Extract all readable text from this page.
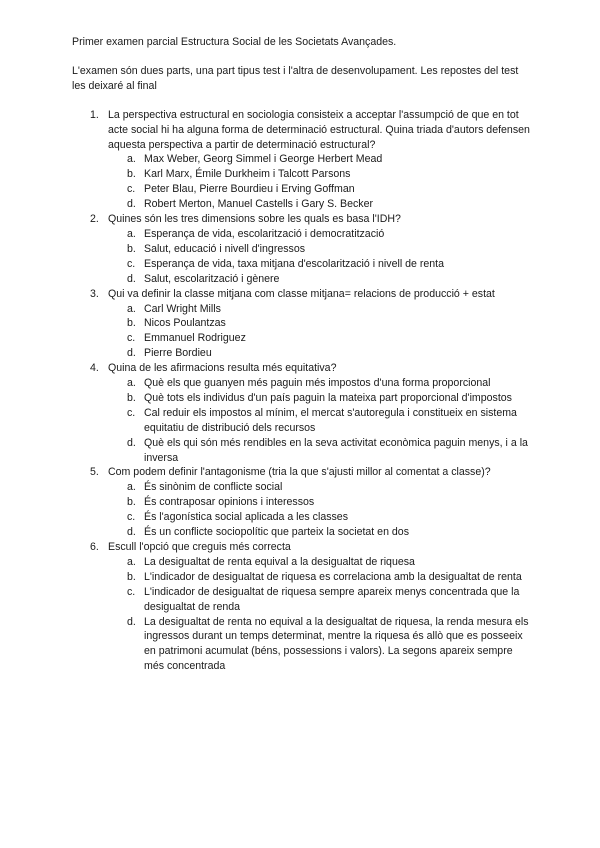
Primer examen parcial Estructura Social de les Societats Avançades.

L'examen són dues parts, una part tipus test i l'altra de desenvolupament. Les repostes del test les deixaré al final

1. La perspectiva estructural en sociologia consisteix a acceptar l'assumpció de que en tot acte social hi ha alguna forma de determinació estructural. Quina triada d'autors defensen aquesta perspectiva a partir de determinació estructural?
a. Max Weber, Georg Simmel i George Herbert Mead
b. Karl Marx, Émile Durkheim i Talcott Parsons
c. Peter Blau, Pierre Bourdieu i Erving Goffman
d. Robert Merton, Manuel Castells i Gary S. Becker
2. Quines són les tres dimensions sobre les quals es basa l'IDH?
a. Esperança de vida, escolarització i democratització
b. Salut, educació i nivell d'ingressos
c. Esperança de vida, taxa mitjana d'escolarització i nivell de renta
d. Salut, escolarització i gènere
3. Qui va definir la classe mitjana com classe mitjana= relacions de producció + estat
a. Carl Wright Mills
b. Nicos Poulantzas
c. Emmanuel Rodriguez
d. Pierre Bordieu
4. Quina de les afirmacions resulta més equitativa?
a. Què els que guanyen més paguin més impostos d'una forma proporcional
b. Què tots els individus d'un país paguin la mateixa part proporcional d'impostos
c. Cal reduir els impostos al mínim, el mercat s'autoregula i constitueix en sistema equitatiu de distribució dels recursos
d. Què els qui són més rendibles en la seva activitat econòmica paguin menys, i a la inversa
5. Com podem definir l'antagonisme (tria la que s'ajusti millor al comentat a classe)?
a. És sinònim de conflicte social
b. És contraposar opinions i interessos
c. És l'agonística social aplicada a les classes
d. És un conflicte sociopolític que parteix la societat en dos
6. Escull l'opció que creguis més correcta
a. La desigualtat de renta equival a la desigualtat de riquesa
b. L'indicador de desigualtat de riquesa es correlaciona amb la desigualtat de renta
c. L'indicador de desigualtat de riquesa sempre apareix menys concentrada que la desigualtat de renda
d. La desigualtat de renta no equival a la desigualtat de riquesa, la renda mesura els ingressos durant un temps determinat, mentre la riquesa és allò que es posseeix en patrimoni acumulat (béns, possessions i valors). La segons apareix sempre més concentrada
